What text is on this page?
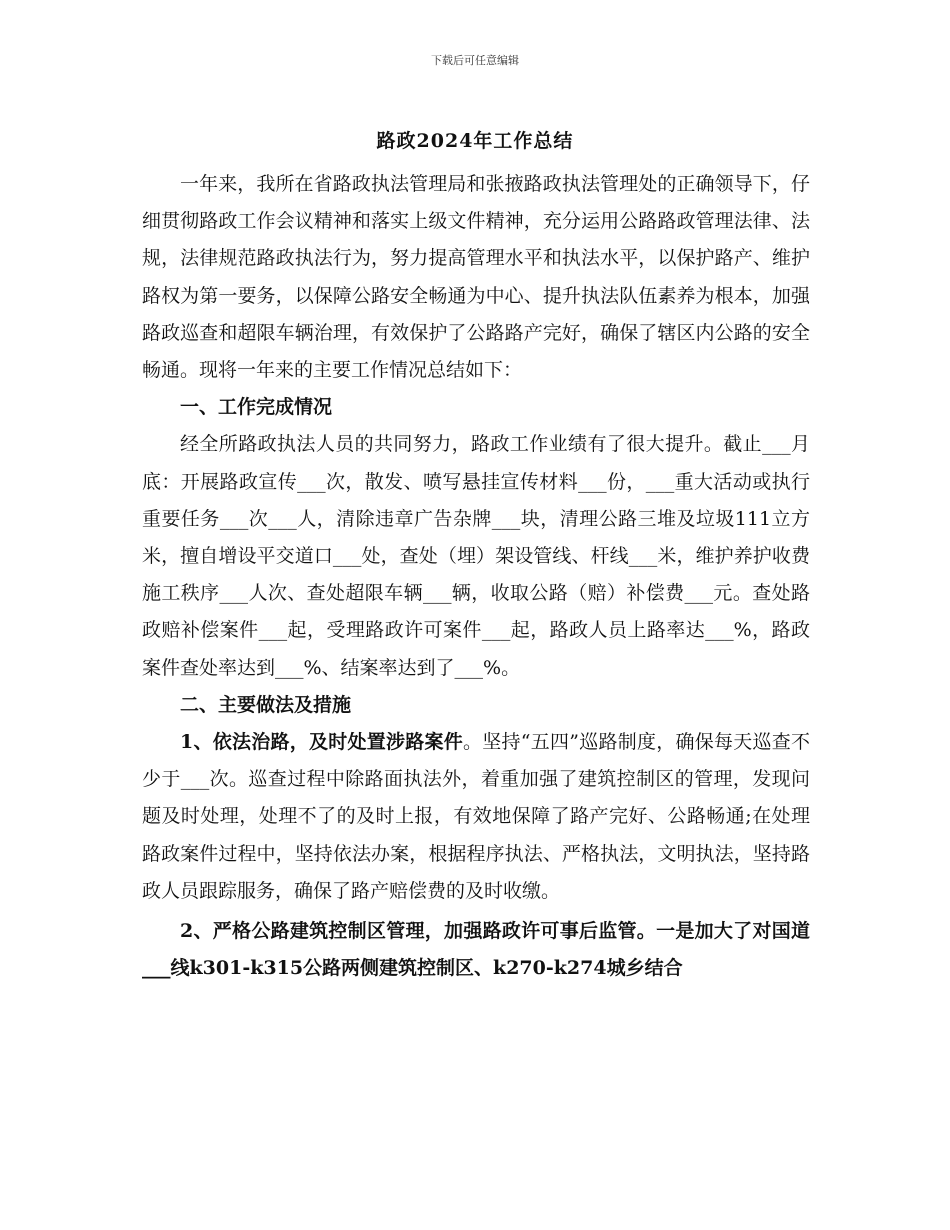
下载后可任意编辑
路政2024年工作总结

一年来，我所在省路政执法管理局和张掖路政执法管理处的正确领导下，仔细贯彻路政工作会议精神和落实上级文件精神，充分运用公路路政管理法律、法规，法律规范路政执法行为，努力提高管理水平和执法水平，以保护路产、维护路权为第一要务，以保障公路安全畅通为中心、提升执法队伍素养为根本，加强路政巡查和超限车辆治理，有效保护了公路路产完好，确保了辖区内公路的安全畅通。现将一年来的主要工作情况总结如下：

一、工作完成情况

经全所路政执法人员的共同努力，路政工作业绩有了很大提升。截止___月底：开展路政宣传___次，散发、喷写悬挂宣传材料___份，___重大活动或执行重要任务___次___人，清除违章广告杂牌___块，清理公路三堆及垃圾111立方米，擅自增设平交道口___处，查处（埋）架设管线、杆线___米，维护养护收费施工秩序___人次、查处超限车辆___辆，收取公路（赔）补偿费___元。查处路政赔补偿案件___起，受理路政许可案件___起，路政人员上路率达___%，路政案件查处率达到___%、结案率达到了___%。

二、主要做法及措施

1、依法治路，及时处置涉路案件。坚持“五四”巡路制度，确保每天巡查不少于___次。巡查过程中除路面执法外，着重加强了建筑控制区的管理，发现问题及时处理，处理不了的及时上报，有效地保障了路产完好、公路畅通;在处理路政案件过程中，坚持依法办案，根据程序执法、严格执法，文明执法，坚持路政人员跟踪服务，确保了路产赔偿费的及时收缴。

2、严格公路建筑控制区管理，加强路政许可事后监管。一是加大了对国道___线k301-k315公路两侧建筑控制区、k270-k274城乡结合
